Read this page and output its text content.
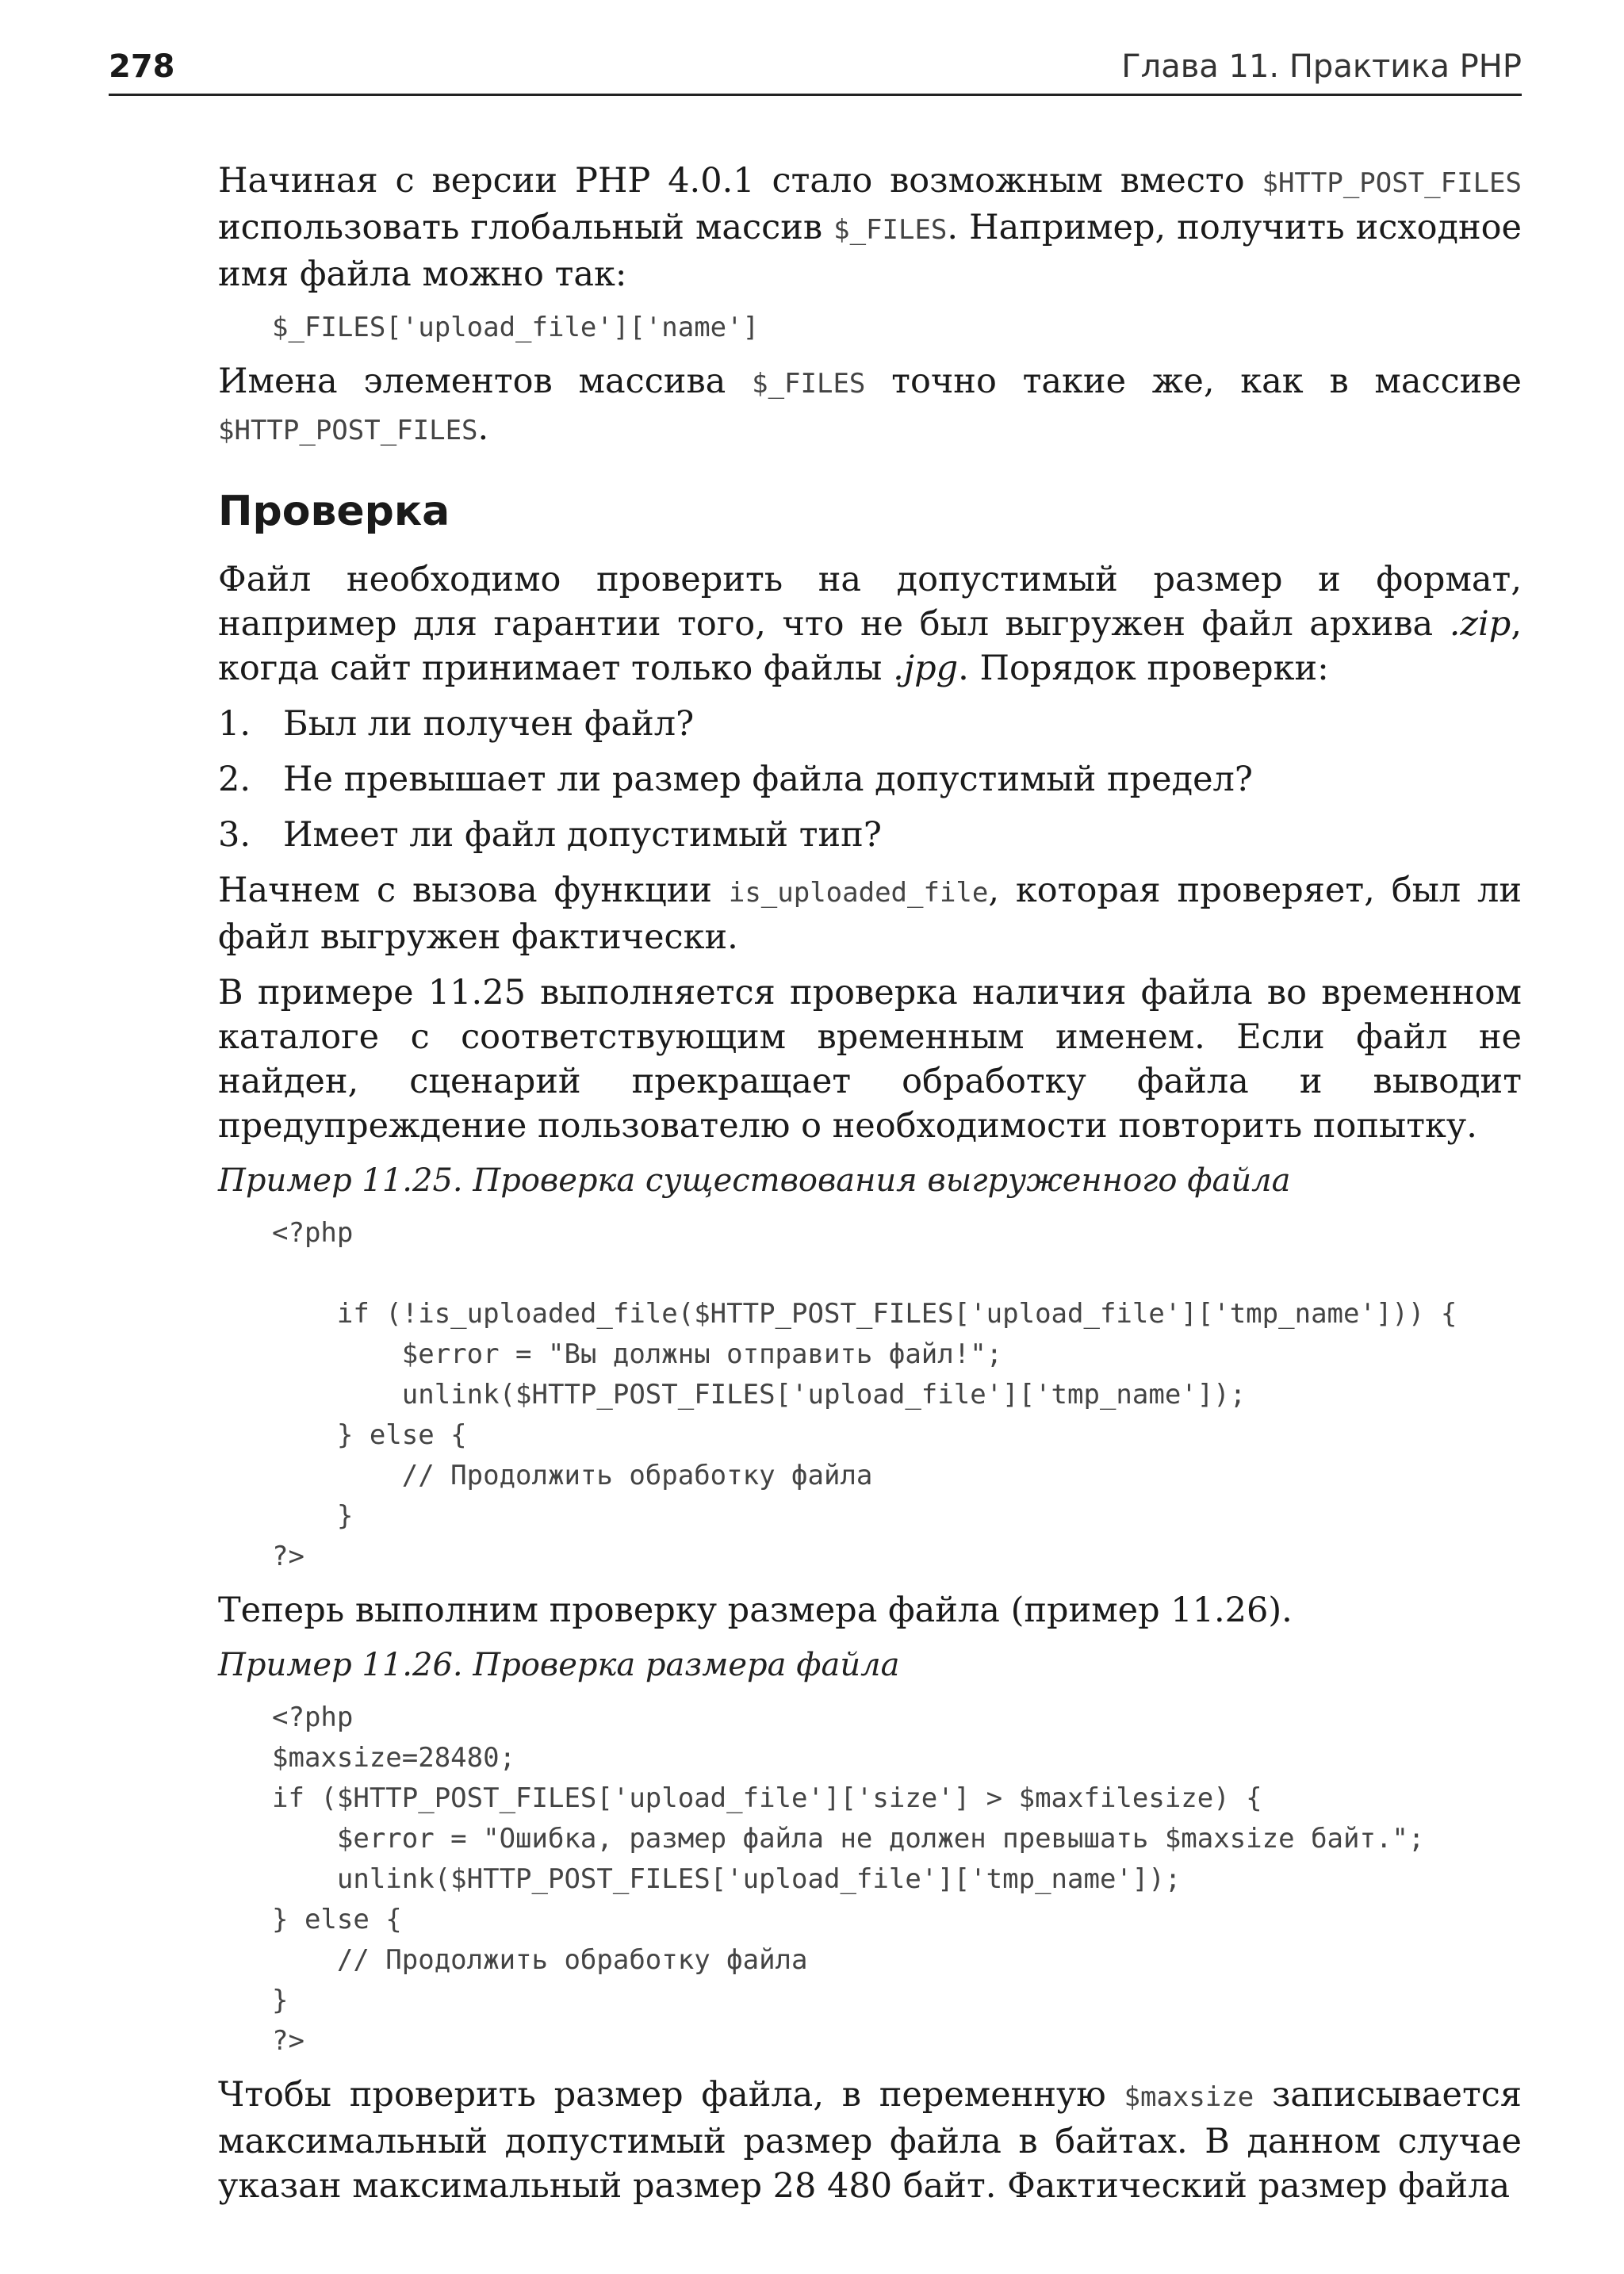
278	Глава 11. Практика PHP

Начиная с версии PHP 4.0.1 стало возможным вместо $HTTP_POST_FILES использовать глобальный массив $_FILES. Например, получить исходное имя файла можно так:

$_FILES['upload_file']['name']

Имена элементов массива $_FILES точно такие же, как в массиве $HTTP_POST_FILES.

Проверка

Файл необходимо проверить на допустимый размер и формат, например для гарантии того, что не был выгружен файл архива .zip, когда сайт принимает только файлы .jpg. Порядок проверки:

1. Был ли получен файл?
2. Не превышает ли размер файла допустимый предел?
3. Имеет ли файл допустимый тип?

Начнем с вызова функции is_uploaded_file, которая проверяет, был ли файл выгружен фактически.

В примере 11.25 выполняется проверка наличия файла во временном каталоге с соответствующим временным именем. Если файл не найден, сценарий прекращает обработку файла и выводит предупреждение пользователю о необходимости повторить попытку.

Пример 11.25. Проверка существования выгруженного файла

<?php

if (!is_uploaded_file($HTTP_POST_FILES['upload_file']['tmp_name'])) {
$error = "Вы должны отправить файл!";
unlink($HTTP_POST_FILES['upload_file']['tmp_name']);
} else {
// Продолжить обработку файла
}
?>

Теперь выполним проверку размера файла (пример 11.26).

Пример 11.26. Проверка размера файла

<?php
$maxsize=28480;
if ($HTTP_POST_FILES['upload_file']['size'] > $maxfilesize) {
$error = "Ошибка, размер файла не должен превышать $maxsize байт.";
unlink($HTTP_POST_FILES['upload_file']['tmp_name']);
} else {
// Продолжить обработку файла
}
?>

Чтобы проверить размер файла, в переменную $maxsize записывается максимальный допустимый размер файла в байтах. В данном случае указан максимальный размер 28 480 байт. Фактический размер файла
